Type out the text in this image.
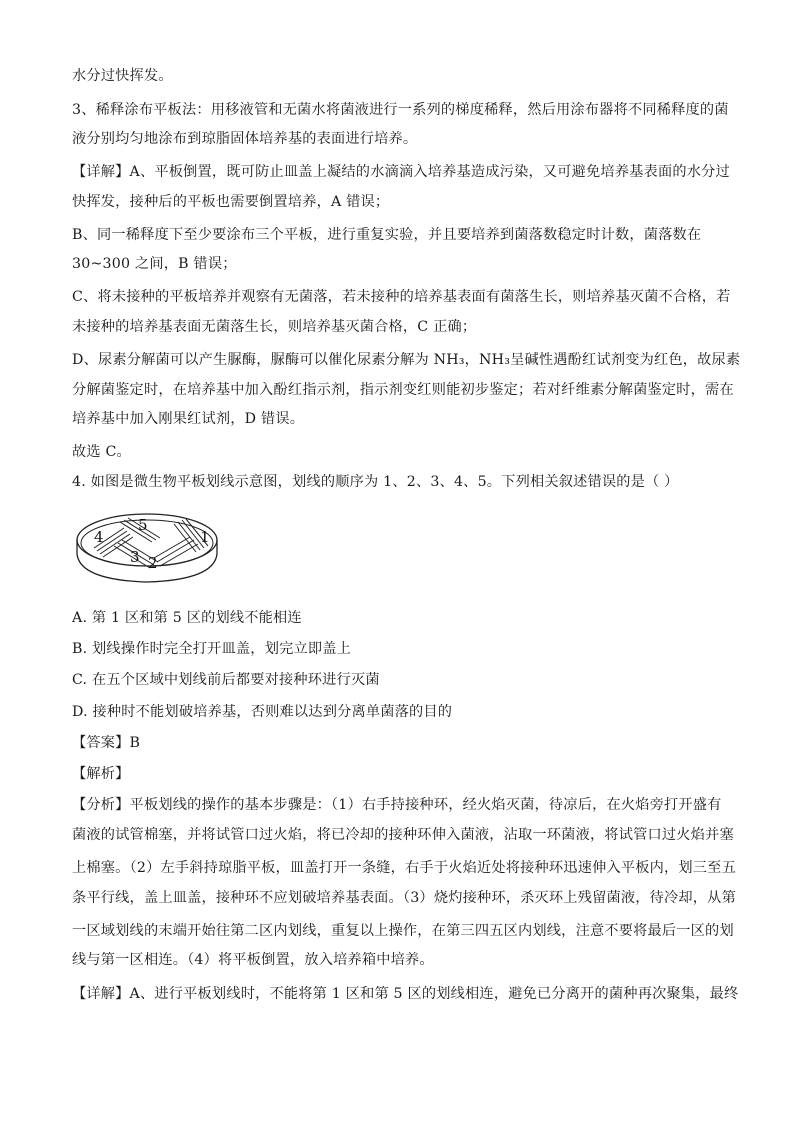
水分过快挥发。
3、稀释涂布平板法：用移液管和无菌水将菌液进行一系列的梯度稀释，然后用涂布器将不同稀释度的菌
液分别均匀地涂布到琼脂固体培养基的表面进行培养。
【详解】A、平板倒置，既可防止皿盖上凝结的水滴滴入培养基造成污染，又可避免培养基表面的水分过
快挥发，接种后的平板也需要倒置培养，A 错误；
B、同一稀释度下至少要涂布三个平板，进行重复实验，并且要培养到菌落数稳定时计数，菌落数在
30~300 之间，B 错误；
C、将未接种的平板培养并观察有无菌落，若未接种的培养基表面有菌落生长，则培养基灭菌不合格，若
未接种的培养基表面无菌落生长，则培养基灭菌合格，C 正确；
D、尿素分解菌可以产生脲酶，脲酶可以催化尿素分解为 NH₃，NH₃呈碱性遇酚红试剂变为红色，故尿素
分解菌鉴定时，在培养基中加入酚红指示剂，指示剂变红则能初步鉴定；若对纤维素分解菌鉴定时，需在
培养基中加入刚果红试剂，D 错误。
故选 C。
4. 如图是微生物平板划线示意图，划线的顺序为 1、2、3、4、5。下列相关叙述错误的是（ ）
1
2
3
4
5
A. 第 1 区和第 5 区的划线不能相连
B. 划线操作时完全打开皿盖，划完立即盖上
C. 在五个区域中划线前后都要对接种环进行灭菌
D. 接种时不能划破培养基，否则难以达到分离单菌落的目的
【答案】B
【解析】
【分析】平板划线的操作的基本步骤是：（1）右手持接种环，经火焰灭菌，待凉后，在火焰旁打开盛有
菌液的试管棉塞，并将试管口过火焰，将已冷却的接种环伸入菌液，沾取一环菌液，将试管口过火焰并塞
上棉塞。（2）左手斜持琼脂平板，皿盖打开一条缝，右手于火焰近处将接种环迅速伸入平板内，划三至五
条平行线，盖上皿盖，接种环不应划破培养基表面。（3）烧灼接种环，杀灭环上残留菌液，待冷却，从第
一区域划线的末端开始往第二区内划线，重复以上操作，在第三四五区内划线，注意不要将最后一区的划
线与第一区相连。（4）将平板倒置，放入培养箱中培养。
【详解】A、进行平板划线时，不能将第 1 区和第 5 区的划线相连，避免已分离开的菌种再次聚集，最终
